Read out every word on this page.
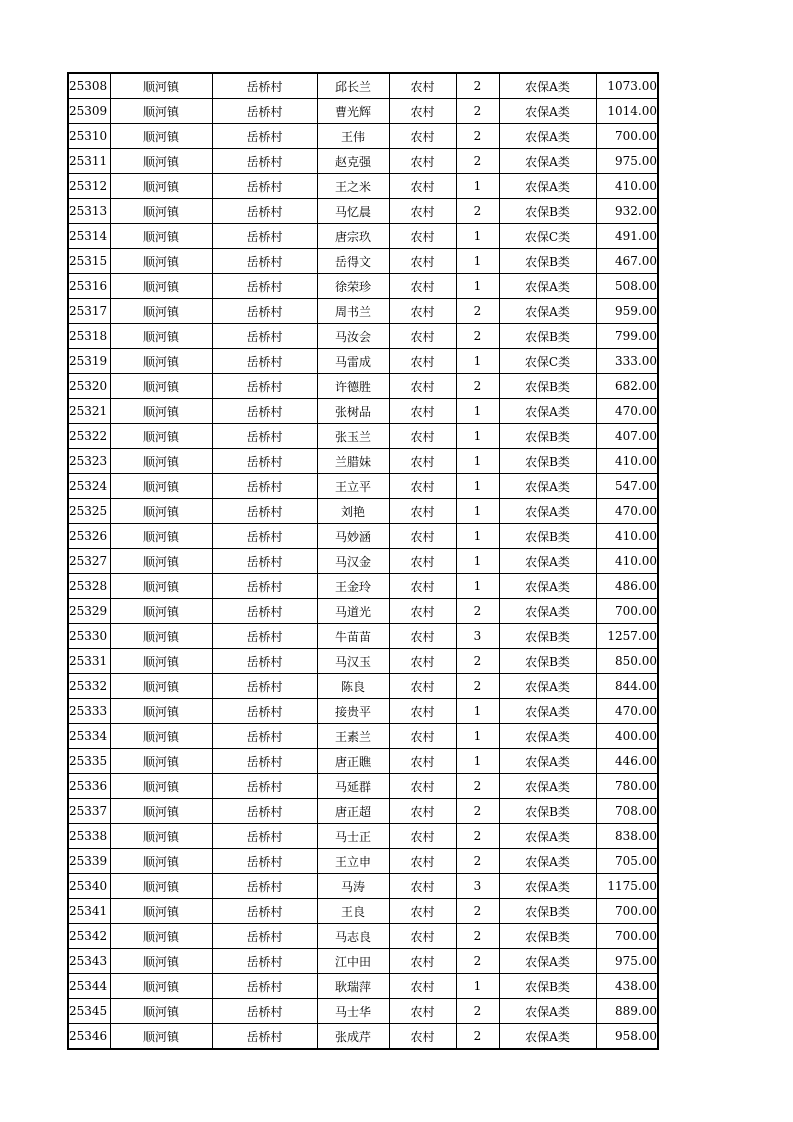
25308	顺河镇	岳桥村	邱长兰	农村	2	农保A类	1073.00
25309	顺河镇	岳桥村	曹光辉	农村	2	农保A类	1014.00
25310	顺河镇	岳桥村	王伟	农村	2	农保A类	700.00
25311	顺河镇	岳桥村	赵克强	农村	2	农保A类	975.00
25312	顺河镇	岳桥村	王之米	农村	1	农保A类	410.00
25313	顺河镇	岳桥村	马忆晨	农村	2	农保B类	932.00
25314	顺河镇	岳桥村	唐宗玖	农村	1	农保C类	491.00
25315	顺河镇	岳桥村	岳得文	农村	1	农保B类	467.00
25316	顺河镇	岳桥村	徐荣珍	农村	1	农保A类	508.00
25317	顺河镇	岳桥村	周书兰	农村	2	农保A类	959.00
25318	顺河镇	岳桥村	马汝会	农村	2	农保B类	799.00
25319	顺河镇	岳桥村	马雷成	农村	1	农保C类	333.00
25320	顺河镇	岳桥村	许德胜	农村	2	农保B类	682.00
25321	顺河镇	岳桥村	张树品	农村	1	农保A类	470.00
25322	顺河镇	岳桥村	张玉兰	农村	1	农保B类	407.00
25323	顺河镇	岳桥村	兰腊妹	农村	1	农保B类	410.00
25324	顺河镇	岳桥村	王立平	农村	1	农保A类	547.00
25325	顺河镇	岳桥村	刘艳	农村	1	农保A类	470.00
25326	顺河镇	岳桥村	马妙涵	农村	1	农保B类	410.00
25327	顺河镇	岳桥村	马汉金	农村	1	农保A类	410.00
25328	顺河镇	岳桥村	王金玲	农村	1	农保A类	486.00
25329	顺河镇	岳桥村	马道光	农村	2	农保A类	700.00
25330	顺河镇	岳桥村	牛苗苗	农村	3	农保B类	1257.00
25331	顺河镇	岳桥村	马汉玉	农村	2	农保B类	850.00
25332	顺河镇	岳桥村	陈良	农村	2	农保A类	844.00
25333	顺河镇	岳桥村	接贵平	农村	1	农保A类	470.00
25334	顺河镇	岳桥村	王素兰	农村	1	农保A类	400.00
25335	顺河镇	岳桥村	唐正瞧	农村	1	农保A类	446.00
25336	顺河镇	岳桥村	马延群	农村	2	农保A类	780.00
25337	顺河镇	岳桥村	唐正超	农村	2	农保B类	708.00
25338	顺河镇	岳桥村	马士正	农村	2	农保A类	838.00
25339	顺河镇	岳桥村	王立申	农村	2	农保A类	705.00
25340	顺河镇	岳桥村	马涛	农村	3	农保A类	1175.00
25341	顺河镇	岳桥村	王良	农村	2	农保B类	700.00
25342	顺河镇	岳桥村	马志良	农村	2	农保B类	700.00
25343	顺河镇	岳桥村	江中田	农村	2	农保A类	975.00
25344	顺河镇	岳桥村	耿瑞萍	农村	1	农保B类	438.00
25345	顺河镇	岳桥村	马士华	农村	2	农保A类	889.00
25346	顺河镇	岳桥村	张成芹	农村	2	农保A类	958.00
